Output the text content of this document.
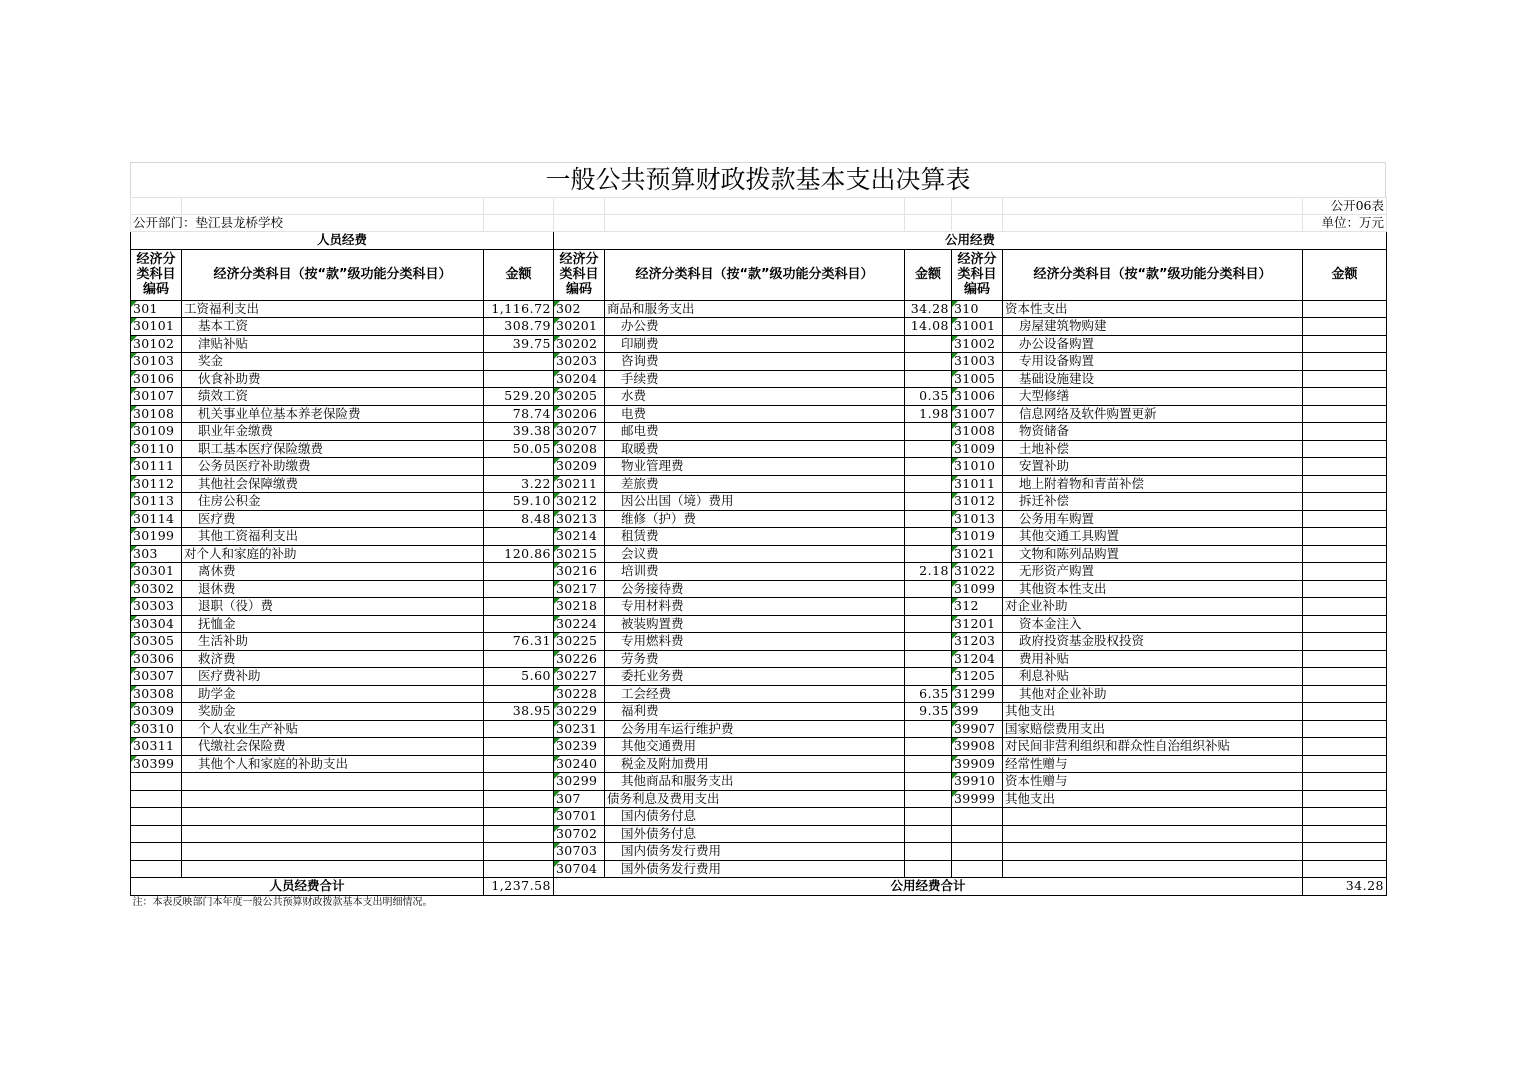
一般公共预算财政拨款基本支出决算表
								公开06表
公开部门：垫江县龙桥学校								单位：万元
人员经费			公用经费					
经济分类科目编码	经济分类科目（按“款”级功能分类科目）	金额	经济分类科目编码	经济分类科目（按“款”级功能分类科目）	金额	经济分类科目编码	经济分类科目（按“款”级功能分类科目）	金额
301	工资福利支出	1,116.72	302	商品和服务支出	34.28	310	资本性支出	
30101	基本工资	308.79	30201	办公费	14.08	31001	房屋建筑物购建	
30102	津贴补贴	39.75	30202	印刷费		31002	办公设备购置	
30103	奖金		30203	咨询费		31003	专用设备购置	
30106	伙食补助费		30204	手续费		31005	基础设施建设	
30107	绩效工资	529.20	30205	水费	0.35	31006	大型修缮	
30108	机关事业单位基本养老保险费	78.74	30206	电费	1.98	31007	信息网络及软件购置更新	
30109	职业年金缴费	39.38	30207	邮电费		31008	物资储备	
30110	职工基本医疗保险缴费	50.05	30208	取暖费		31009	土地补偿	
30111	公务员医疗补助缴费		30209	物业管理费		31010	安置补助	
30112	其他社会保障缴费	3.22	30211	差旅费		31011	地上附着物和青苗补偿	
30113	住房公积金	59.10	30212	因公出国（境）费用		31012	拆迁补偿	
30114	医疗费	8.48	30213	维修（护）费		31013	公务用车购置	
30199	其他工资福利支出		30214	租赁费		31019	其他交通工具购置	
303	对个人和家庭的补助	120.86	30215	会议费		31021	文物和陈列品购置	
30301	离休费		30216	培训费	2.18	31022	无形资产购置	
30302	退休费		30217	公务接待费		31099	其他资本性支出	
30303	退职（役）费		30218	专用材料费		312	对企业补助	
30304	抚恤金		30224	被装购置费		31201	资本金注入	
30305	生活补助	76.31	30225	专用燃料费		31203	政府投资基金股权投资	
30306	救济费		30226	劳务费		31204	费用补贴	
30307	医疗费补助	5.60	30227	委托业务费		31205	利息补贴	
30308	助学金		30228	工会经费	6.35	31299	其他对企业补助	
30309	奖励金	38.95	30229	福利费	9.35	399	其他支出	
30310	个人农业生产补贴		30231	公务用车运行维护费		39907	国家赔偿费用支出	
30311	代缴社会保险费		30239	其他交通费用		39908	对民间非营利组织和群众性自治组织补贴	
30399	其他个人和家庭的补助支出		30240	税金及附加费用		39909	经常性赠与	
			30299	其他商品和服务支出		39910	资本性赠与	
			307	债务利息及费用支出		39999	其他支出	
			30701	国内债务付息				
			30702	国外债务付息				
			30703	国内债务发行费用				
			30704	国外债务发行费用				
人员经费合计		1,237.58	公用经费合计					34.28
注：本表反映部门本年度一般公共预算财政拨款基本支出明细情况。								
